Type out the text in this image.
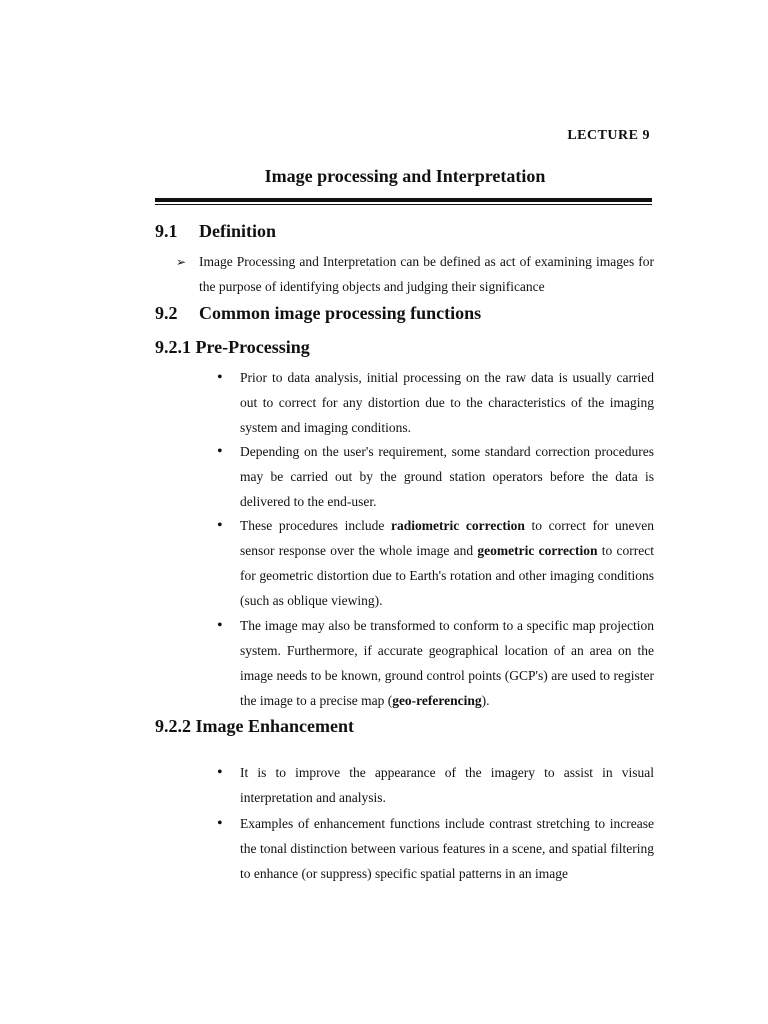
LECTURE 9
Image processing and Interpretation
9.1	Definition
➢ Image Processing and Interpretation can be defined as act of examining images for the purpose of identifying objects and judging their significance
9.2	Common image processing functions
9.2.1 Pre-Processing
• Prior to data analysis, initial processing on the raw data is usually carried out to correct for any distortion due to the characteristics of the imaging system and imaging conditions.
• Depending on the user's requirement, some standard correction procedures may be carried out by the ground station operators before the data is delivered to the end-user.
• These procedures include radiometric correction to correct for uneven sensor response over the whole image and geometric correction to correct for geometric distortion due to Earth's rotation and other imaging conditions (such as oblique viewing).
• The image may also be transformed to conform to a specific map projection system. Furthermore, if accurate geographical location of an area on the image needs to be known, ground control points (GCP's) are used to register the image to a precise map (geo-referencing).
9.2.2 Image Enhancement
• It is to improve the appearance of the imagery to assist in visual interpretation and analysis.
• Examples of enhancement functions include contrast stretching to increase the tonal distinction between various features in a scene, and spatial filtering to enhance (or suppress) specific spatial patterns in an image
